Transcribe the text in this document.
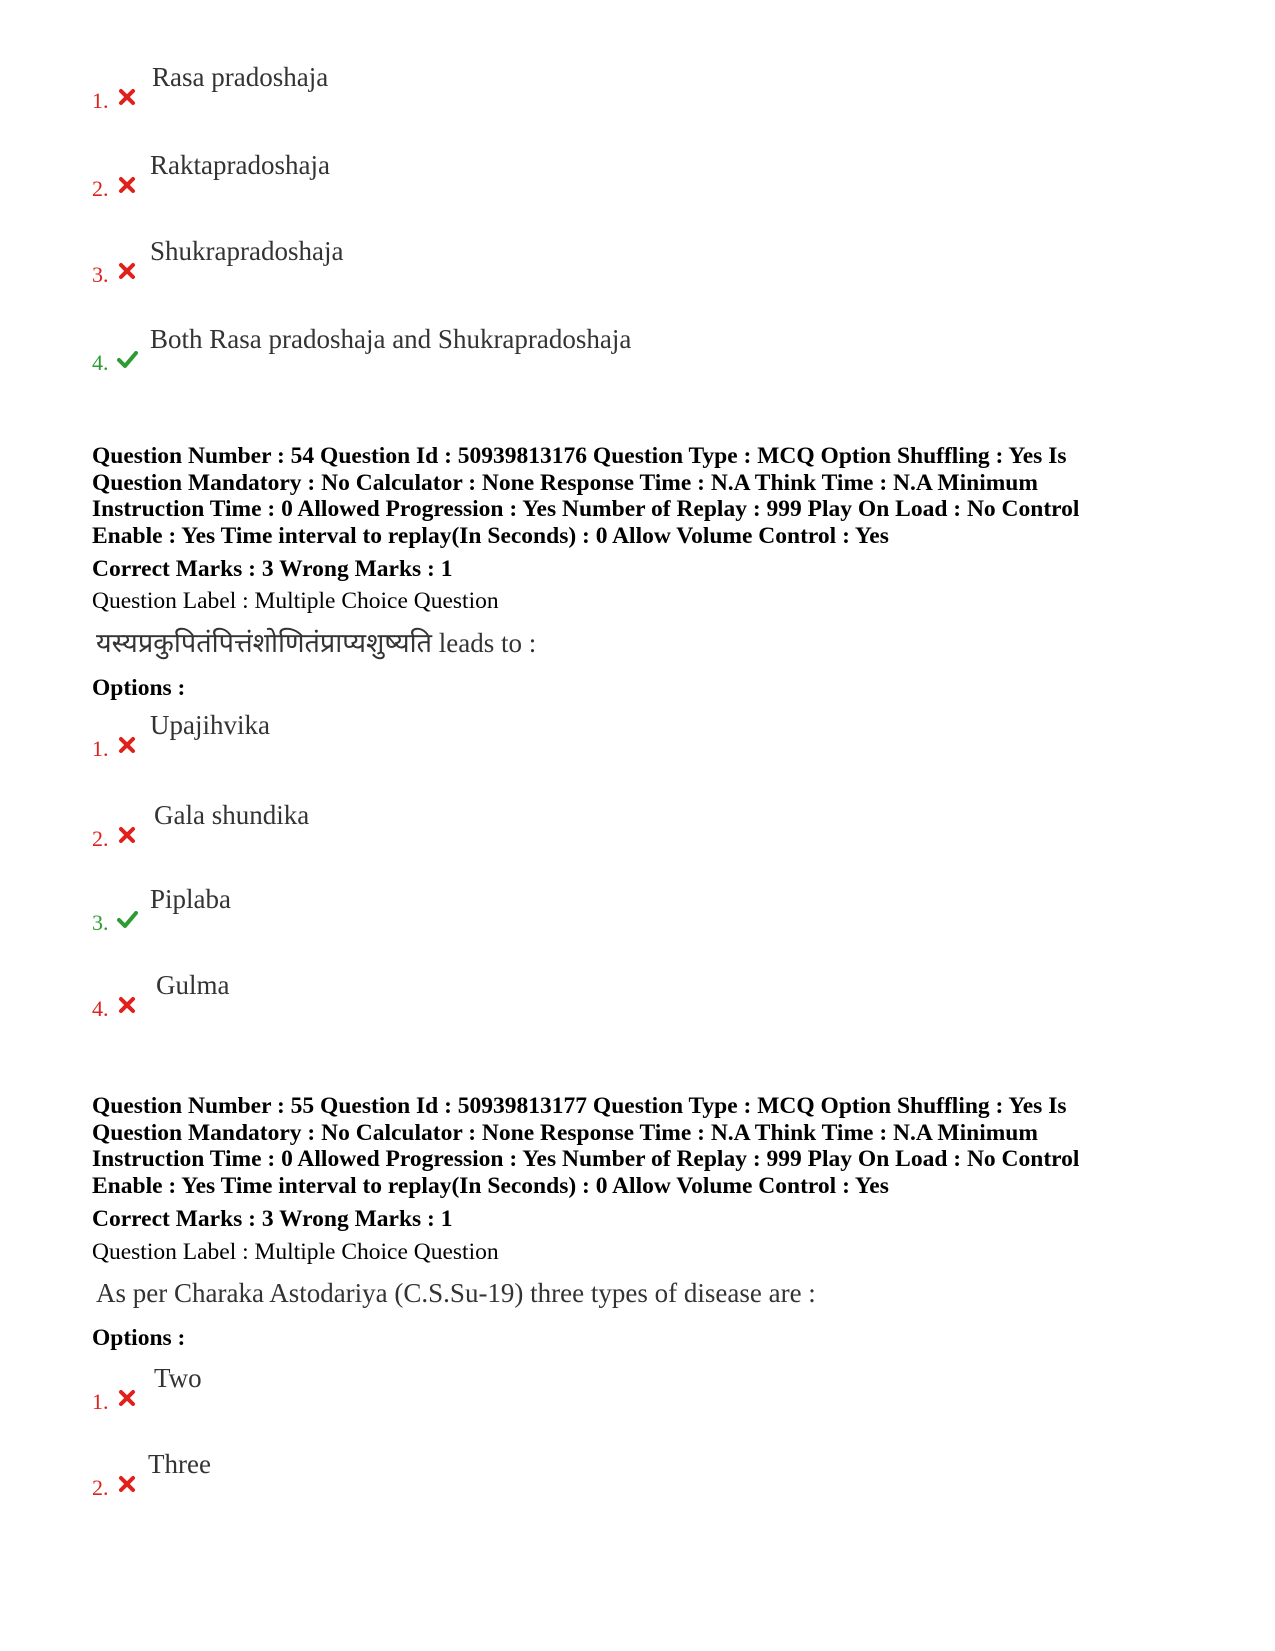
1.
Rasa pradoshaja
2.
Raktapradoshaja
3.
Shukrapradoshaja
4.
Both Rasa pradoshaja and Shukrapradoshaja
Question Number : 54 Question Id : 50939813176 Question Type : MCQ Option Shuffling : Yes Is
Question Mandatory : No Calculator : None Response Time : N.A Think Time : N.A Minimum
Instruction Time : 0 Allowed Progression : Yes Number of Replay : 999 Play On Load : No Control
Enable : Yes Time interval to replay(In Seconds) : 0 Allow Volume Control : Yes
Correct Marks : 3 Wrong Marks : 1
Question Label : Multiple Choice Question
यस्यप्रकुपितंपित्तंशोणितंप्राप्यशुष्यति leads to :
Options :
1.
Upajihvika
2.
Gala shundika
3.
Piplaba
4.
Gulma
Question Number : 55 Question Id : 50939813177 Question Type : MCQ Option Shuffling : Yes Is
Question Mandatory : No Calculator : None Response Time : N.A Think Time : N.A Minimum
Instruction Time : 0 Allowed Progression : Yes Number of Replay : 999 Play On Load : No Control
Enable : Yes Time interval to replay(In Seconds) : 0 Allow Volume Control : Yes
Correct Marks : 3 Wrong Marks : 1
Question Label : Multiple Choice Question
As per Charaka Astodariya (C.S.Su-19) three types of disease are :
Options :
1.
Two
2.
Three
